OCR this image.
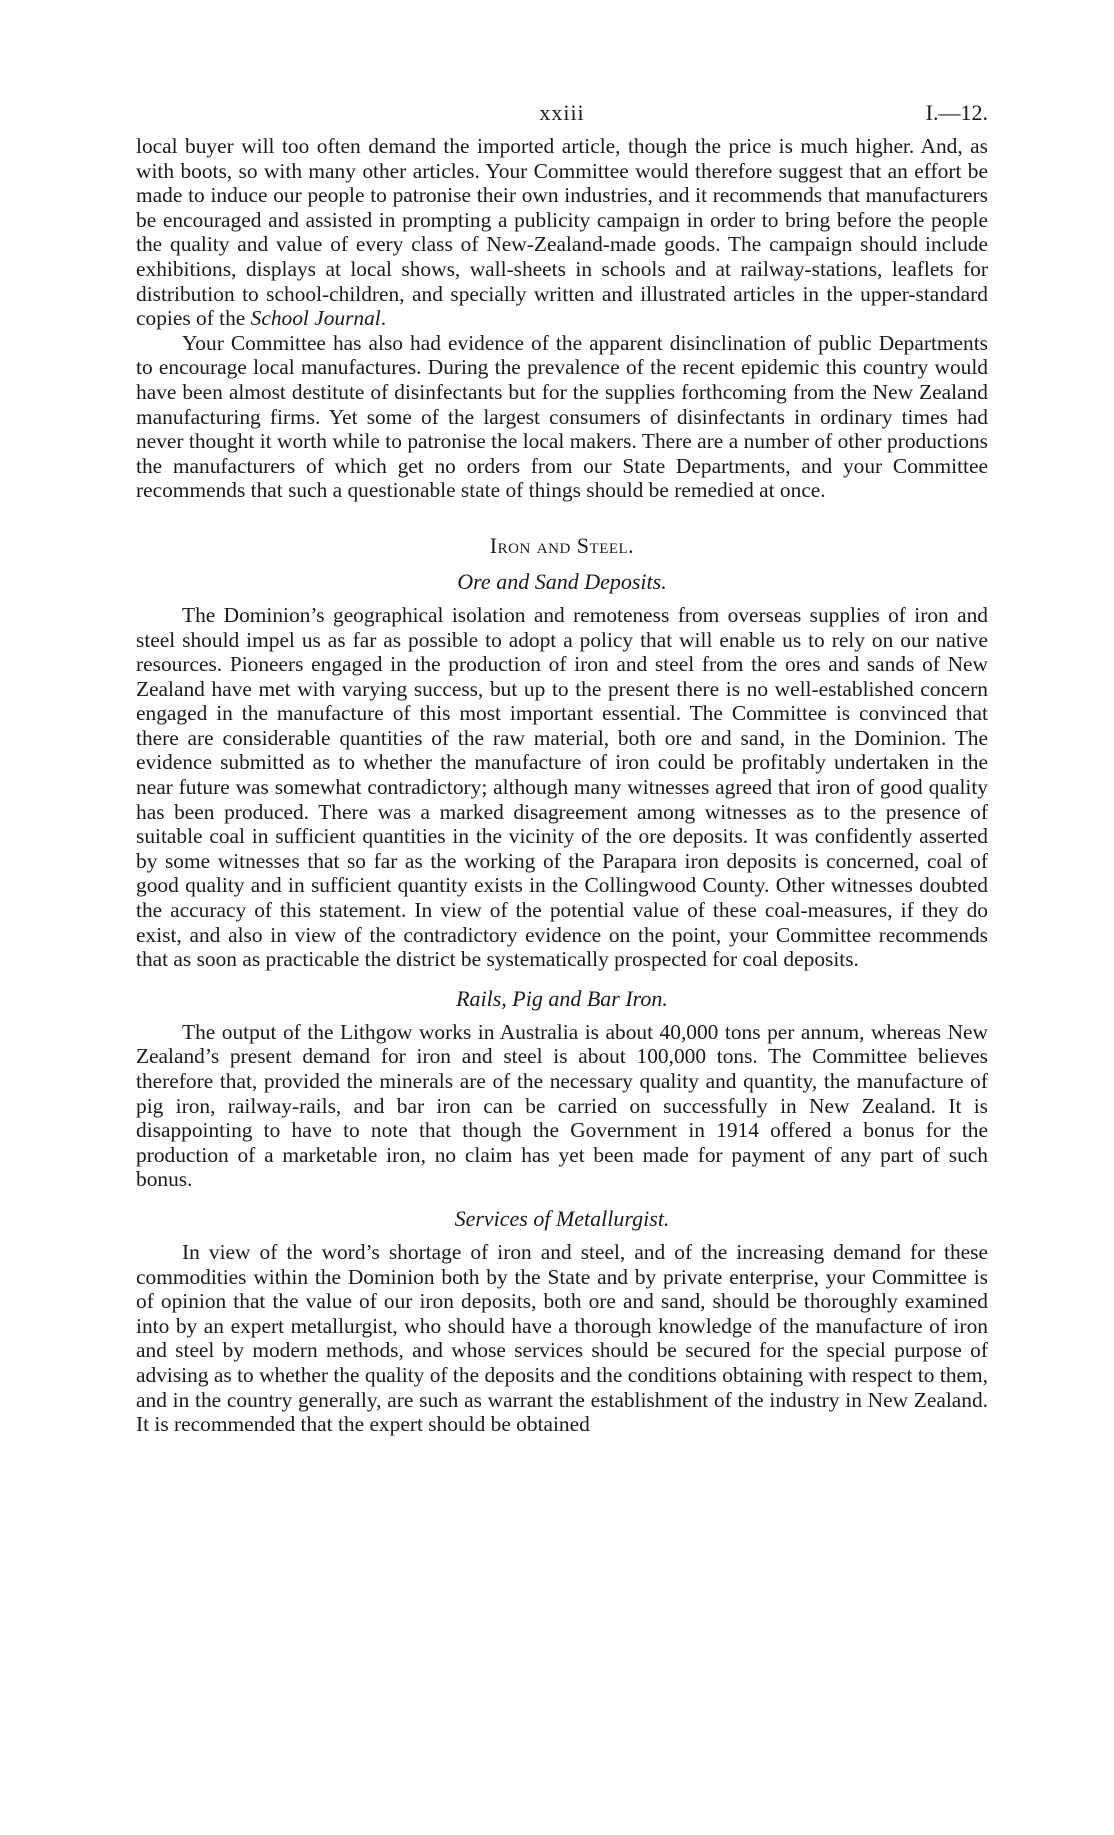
xxiii	I.—12.

local buyer will too often demand the imported article, though the price is much higher. And, as with boots, so with many other articles. Your Committee would therefore suggest that an effort be made to induce our people to patronise their own industries, and it recommends that manufacturers be encouraged and assisted in prompting a publicity campaign in order to bring before the people the quality and value of every class of New-Zealand-made goods. The campaign should include exhibitions, displays at local shows, wall-sheets in schools and at railway-stations, leaflets for distribution to school-children, and specially written and illustrated articles in the upper-standard copies of the School Journal.

Your Committee has also had evidence of the apparent disinclination of public Departments to encourage local manufactures. During the prevalence of the recent epidemic this country would have been almost destitute of disinfectants but for the supplies forthcoming from the New Zealand manufacturing firms. Yet some of the largest consumers of disinfectants in ordinary times had never thought it worth while to patronise the local makers. There are a number of other productions the manufacturers of which get no orders from our State Departments, and your Committee recommends that such a questionable state of things should be remedied at once.

Iron and Steel.
Ore and Sand Deposits.

The Dominion’s geographical isolation and remoteness from overseas supplies of iron and steel should impel us as far as possible to adopt a policy that will enable us to rely on our native resources. Pioneers engaged in the production of iron and steel from the ores and sands of New Zealand have met with varying success, but up to the present there is no well-established concern engaged in the manufacture of this most important essential. The Committee is convinced that there are considerable quantities of the raw material, both ore and sand, in the Dominion. The evidence submitted as to whether the manufacture of iron could be profitably undertaken in the near future was somewhat contradictory; although many witnesses agreed that iron of good quality has been produced. There was a marked disagreement among witnesses as to the presence of suitable coal in sufficient quantities in the vicinity of the ore deposits. It was confidently asserted by some witnesses that so far as the working of the Parapara iron deposits is concerned, coal of good quality and in sufficient quantity exists in the Collingwood County. Other witnesses doubted the accuracy of this statement. In view of the potential value of these coal-measures, if they do exist, and also in view of the contradictory evidence on the point, your Committee recommends that as soon as practicable the district be systematically prospected for coal deposits.

Rails, Pig and Bar Iron.

The output of the Lithgow works in Australia is about 40,000 tons per annum, whereas New Zealand’s present demand for iron and steel is about 100,000 tons. The Committee believes therefore that, provided the minerals are of the necessary quality and quantity, the manufacture of pig iron, railway-rails, and bar iron can be carried on successfully in New Zealand. It is disappointing to have to note that though the Government in 1914 offered a bonus for the production of a marketable iron, no claim has yet been made for payment of any part of such bonus.

Services of Metallurgist.

In view of the word’s shortage of iron and steel, and of the increasing demand for these commodities within the Dominion both by the State and by private enterprise, your Committee is of opinion that the value of our iron deposits, both ore and sand, should be thoroughly examined into by an expert metallurgist, who should have a thorough knowledge of the manufacture of iron and steel by modern methods, and whose services should be secured for the special purpose of advising as to whether the quality of the deposits and the conditions obtaining with respect to them, and in the country generally, are such as warrant the establishment of the industry in New Zealand. It is recommended that the expert should be obtained
